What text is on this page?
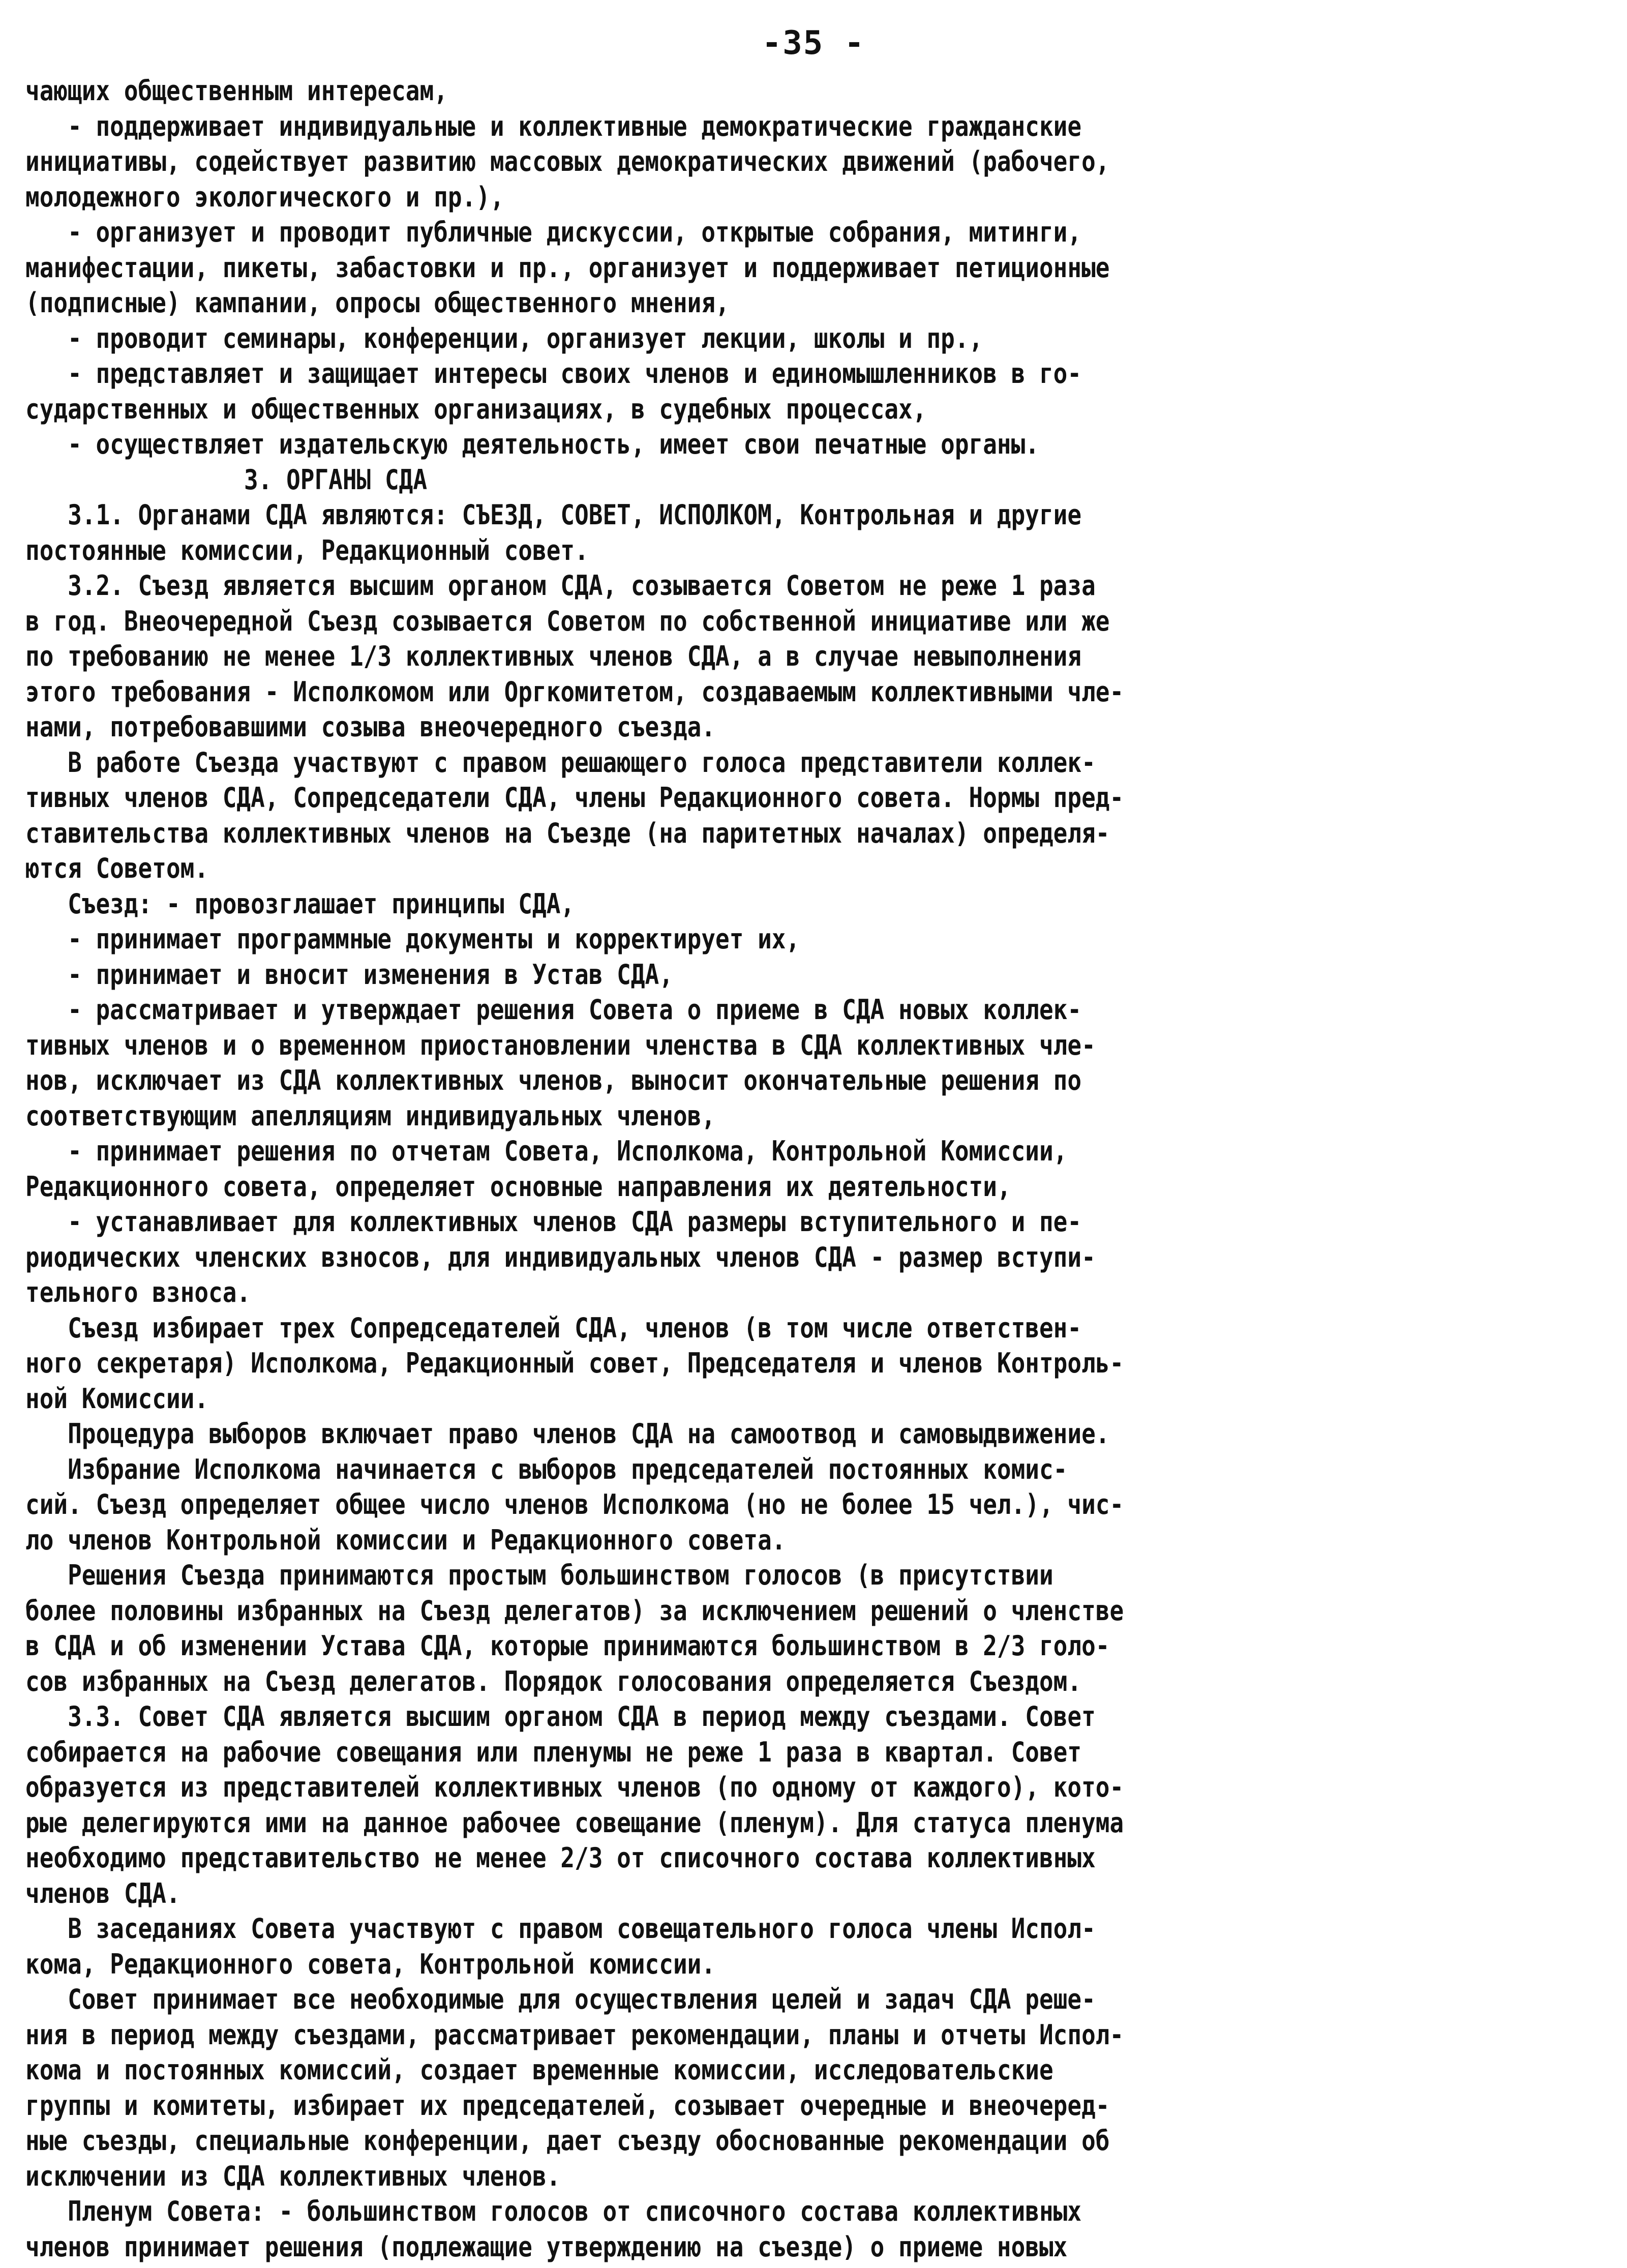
-35 -
чающих общественным интересам,
- поддерживает индивидуальные и коллективные демократические гражданские
инициативы, содействует развитию массовых демократических движений (рабочего,
молодежного экологического и пр.),
- организует и проводит публичные дискуссии, открытые собрания, митинги,
манифестации, пикеты, забастовки и пр., организует и поддерживает петиционные
(подписные) кампании, опросы общественного мнения,
- проводит семинары, конференции, организует лекции, школы и пр.,
- представляет и защищает интересы своих членов и единомышленников в го-
сударственных и общественных организациях, в судебных процессах,
- осуществляет издательскую деятельность, имеет свои печатные органы.
3. ОРГАНЫ СДА
3.1. Органами СДА являются: СЪЕЗД, СОВЕТ, ИСПОЛКОМ, Контрольная и другие
постоянные комиссии, Редакционный совет.
3.2. Съезд является высшим органом СДА, созывается Советом не реже 1 раза
в год. Внеочередной Съезд созывается Советом по собственной инициативе или же
по требованию не менее 1/3 коллективных членов СДА, а в случае невыполнения
этого требования - Исполкомом или Оргкомитетом, создаваемым коллективными чле-
нами, потребовавшими созыва внеочередного съезда.
В работе Съезда участвуют с правом решающего голоса представители коллек-
тивных членов СДА, Сопредседатели СДА, члены Редакционного совета. Нормы пред-
ставительства коллективных членов на Съезде (на паритетных началах) определя-
ются Советом.
Съезд: - провозглашает принципы СДА,
- принимает программные документы и корректирует их,
- принимает и вносит изменения в Устав СДА,
- рассматривает и утверждает решения Совета о приеме в СДА новых коллек-
тивных членов и о временном приостановлении членства в СДА коллективных чле-
нов, исключает из СДА коллективных членов, выносит окончательные решения по
соответствующим апелляциям индивидуальных членов,
- принимает решения по отчетам Совета, Исполкома, Контрольной Комиссии,
Редакционного совета, определяет основные направления их деятельности,
- устанавливает для коллективных членов СДА размеры вступительного и пе-
риодических членских взносов, для индивидуальных членов СДА - размер вступи-
тельного взноса.
Съезд избирает трех Сопредседателей СДА, членов (в том числе ответствен-
ного секретаря) Исполкома, Редакционный совет, Председателя и членов Контроль-
ной Комиссии.
Процедура выборов включает право членов СДА на самоотвод и самовыдвижение.
Избрание Исполкома начинается с выборов председателей постоянных комис-
сий. Съезд определяет общее число членов Исполкома (но не более 15 чел.), чис-
ло членов Контрольной комиссии и Редакционного совета.
Решения Съезда принимаются простым большинством голосов (в присутствии
более половины избранных на Съезд делегатов) за исключением решений о членстве
в СДА и об изменении Устава СДА, которые принимаются большинством в 2/3 голо-
сов избранных на Съезд делегатов. Порядок голосования определяется Съездом.
3.3. Совет СДА является высшим органом СДА в период между съездами. Совет
собирается на рабочие совещания или пленумы не реже 1 раза в квартал. Совет
образуется из представителей коллективных членов (по одному от каждого), кото-
рые делегируются ими на данное рабочее совещание (пленум). Для статуса пленума
необходимо представительство не менее 2/3 от списочного состава коллективных
членов СДА.
В заседаниях Совета участвуют с правом совещательного голоса члены Испол-
кома, Редакционного совета, Контрольной комиссии.
Совет принимает все необходимые для осуществления целей и задач СДА реше-
ния в период между съездами, рассматривает рекомендации, планы и отчеты Испол-
кома и постоянных комиссий, создает временные комиссии, исследовательские
группы и комитеты, избирает их председателей, созывает очередные и внеочеред-
ные съезды, специальные конференции, дает съезду обоснованные рекомендации об
исключении из СДА коллективных членов.
Пленум Совета: - большинством голосов от списочного состава коллективных
членов принимает решения (подлежащие утверждению на съезде) о приеме новых
